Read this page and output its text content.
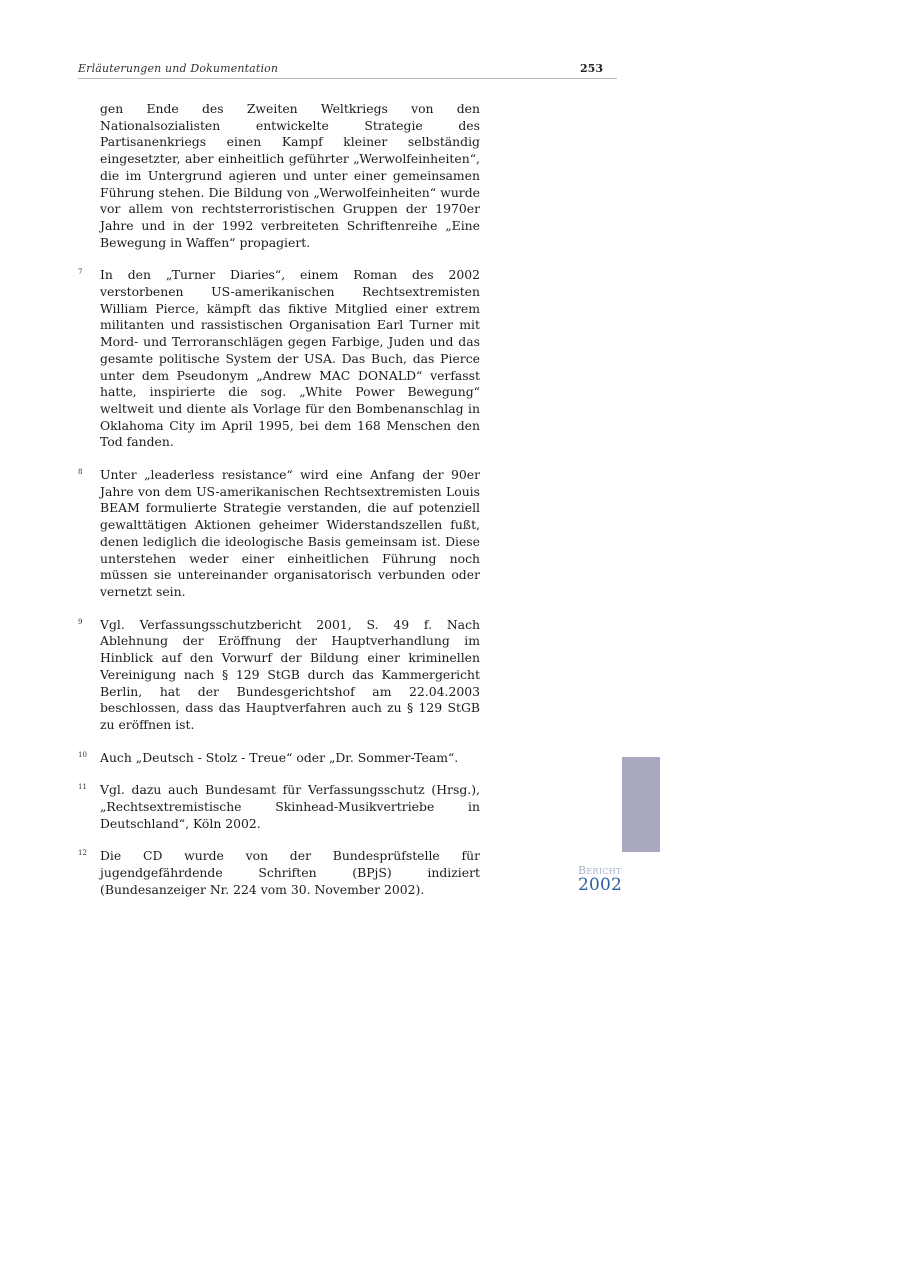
Erläuterungen und Dokumentation	253
gen Ende des Zweiten Weltkriegs von den Nationalsozialisten entwickelte Strategie des Partisanenkriegs einen Kampf kleiner selbständig eingesetzter, aber einheitlich geführter „Werwolfeinheiten“, die im Untergrund agieren und unter einer gemeinsamen Führung stehen. Die Bildung von „Werwolfeinheiten“ wurde vor allem von rechtsterroristischen Gruppen der 1970er Jahre und in der 1992 verbreiteten Schriftenreihe „Eine Bewegung in Waffen“ propagiert.
7 In den „Turner Diaries“, einem Roman des 2002 verstorbenen US-amerikanischen Rechtsextremisten William Pierce, kämpft das fiktive Mitglied einer extrem militanten und rassistischen Organisation Earl Turner mit Mord- und Terroranschlägen gegen Farbige, Juden und das gesamte politische System der USA. Das Buch, das Pierce unter dem Pseudonym „Andrew MAC DONALD“ verfasst hatte, inspirierte die sog. „White Power Bewegung“ weltweit und diente als Vorlage für den Bombenanschlag in Oklahoma City im April 1995, bei dem 168 Menschen den Tod fanden.
8 Unter „leaderless resistance“ wird eine Anfang der 90er Jahre von dem US-amerikanischen Rechtsextremisten Louis BEAM formulierte Strategie verstanden, die auf potenziell gewalttätigen Aktionen geheimer Widerstandszellen fußt, denen lediglich die ideologische Basis gemeinsam ist. Diese unterstehen weder einer einheitlichen Führung noch müssen sie untereinander organisatorisch verbunden oder vernetzt sein.
9 Vgl. Verfassungsschutzbericht 2001, S. 49 f. Nach Ablehnung der Eröffnung der Hauptverhandlung im Hinblick auf den Vorwurf der Bildung einer kriminellen Vereinigung nach § 129 StGB durch das Kammergericht Berlin, hat der Bundesgerichtshof am 22.04.2003 beschlossen, dass das Hauptverfahren auch zu § 129 StGB zu eröffnen ist.
10 Auch „Deutsch - Stolz - Treue“ oder „Dr. Sommer-Team“.
11 Vgl. dazu auch Bundesamt für Verfassungsschutz (Hrsg.), „Rechtsextremistische Skinhead-Musikvertriebe in Deutschland“, Köln 2002.
12 Die CD wurde von der Bundesprüfstelle für jugendgefährdende Schriften (BPjS) indiziert (Bundesanzeiger Nr. 224 vom 30. November 2002).
Bericht
2002
